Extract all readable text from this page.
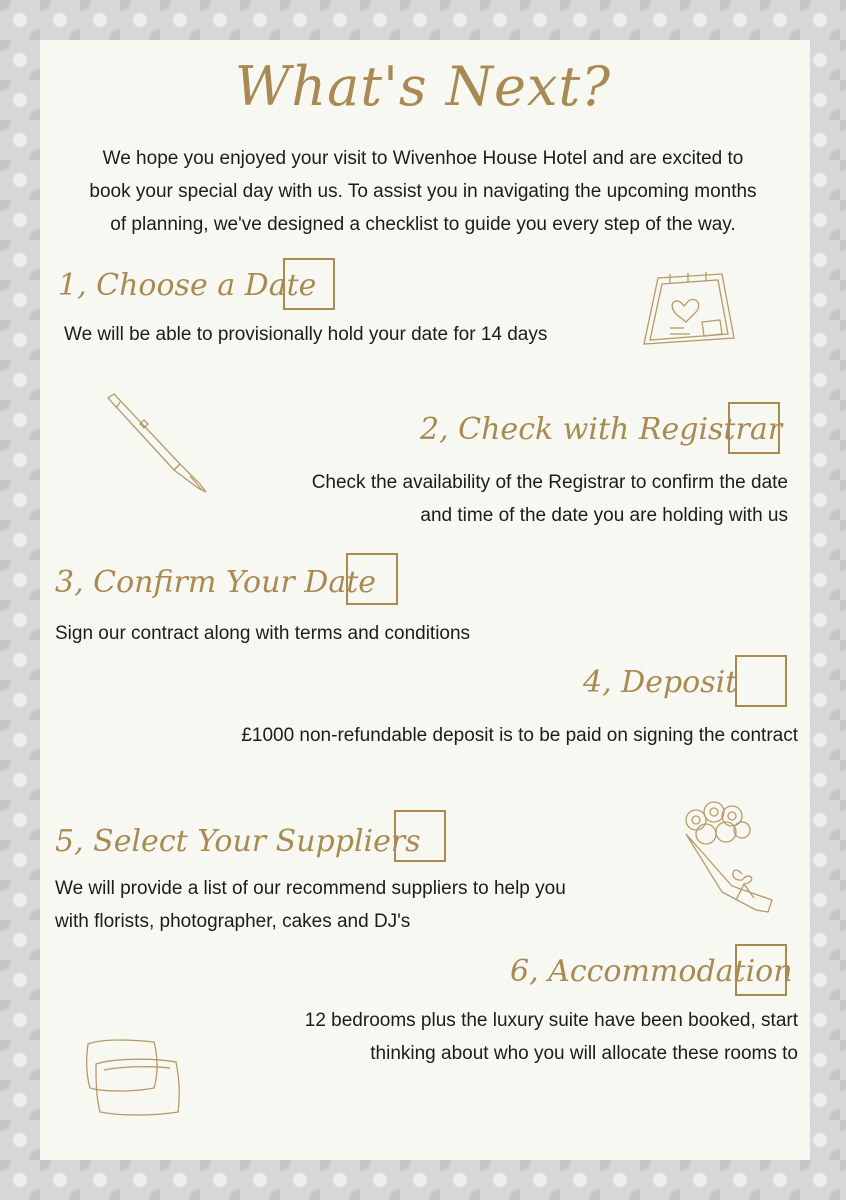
What's Next?
We hope you enjoyed your visit to Wivenhoe House Hotel and are excited to
book your special day with us. To assist you in navigating the upcoming months
of planning, we've designed a checklist to guide you every step of the way.
1, Choose a Date
We will be able to provisionally hold your date for 14 days
2, Check with Registrar
Check the availability of the Registrar to confirm the date
and time of the date you are holding with us
3, Confirm Your Date
Sign our contract along with terms and conditions
4, Deposit
£1000 non-refundable deposit is to be paid on signing the contract
5, Select Your Suppliers
We will provide a list of our recommend suppliers to help you
with florists, photographer, cakes and DJ's
6, Accommodation
12 bedrooms plus the luxury suite have been booked, start
thinking about who you will allocate these rooms to
